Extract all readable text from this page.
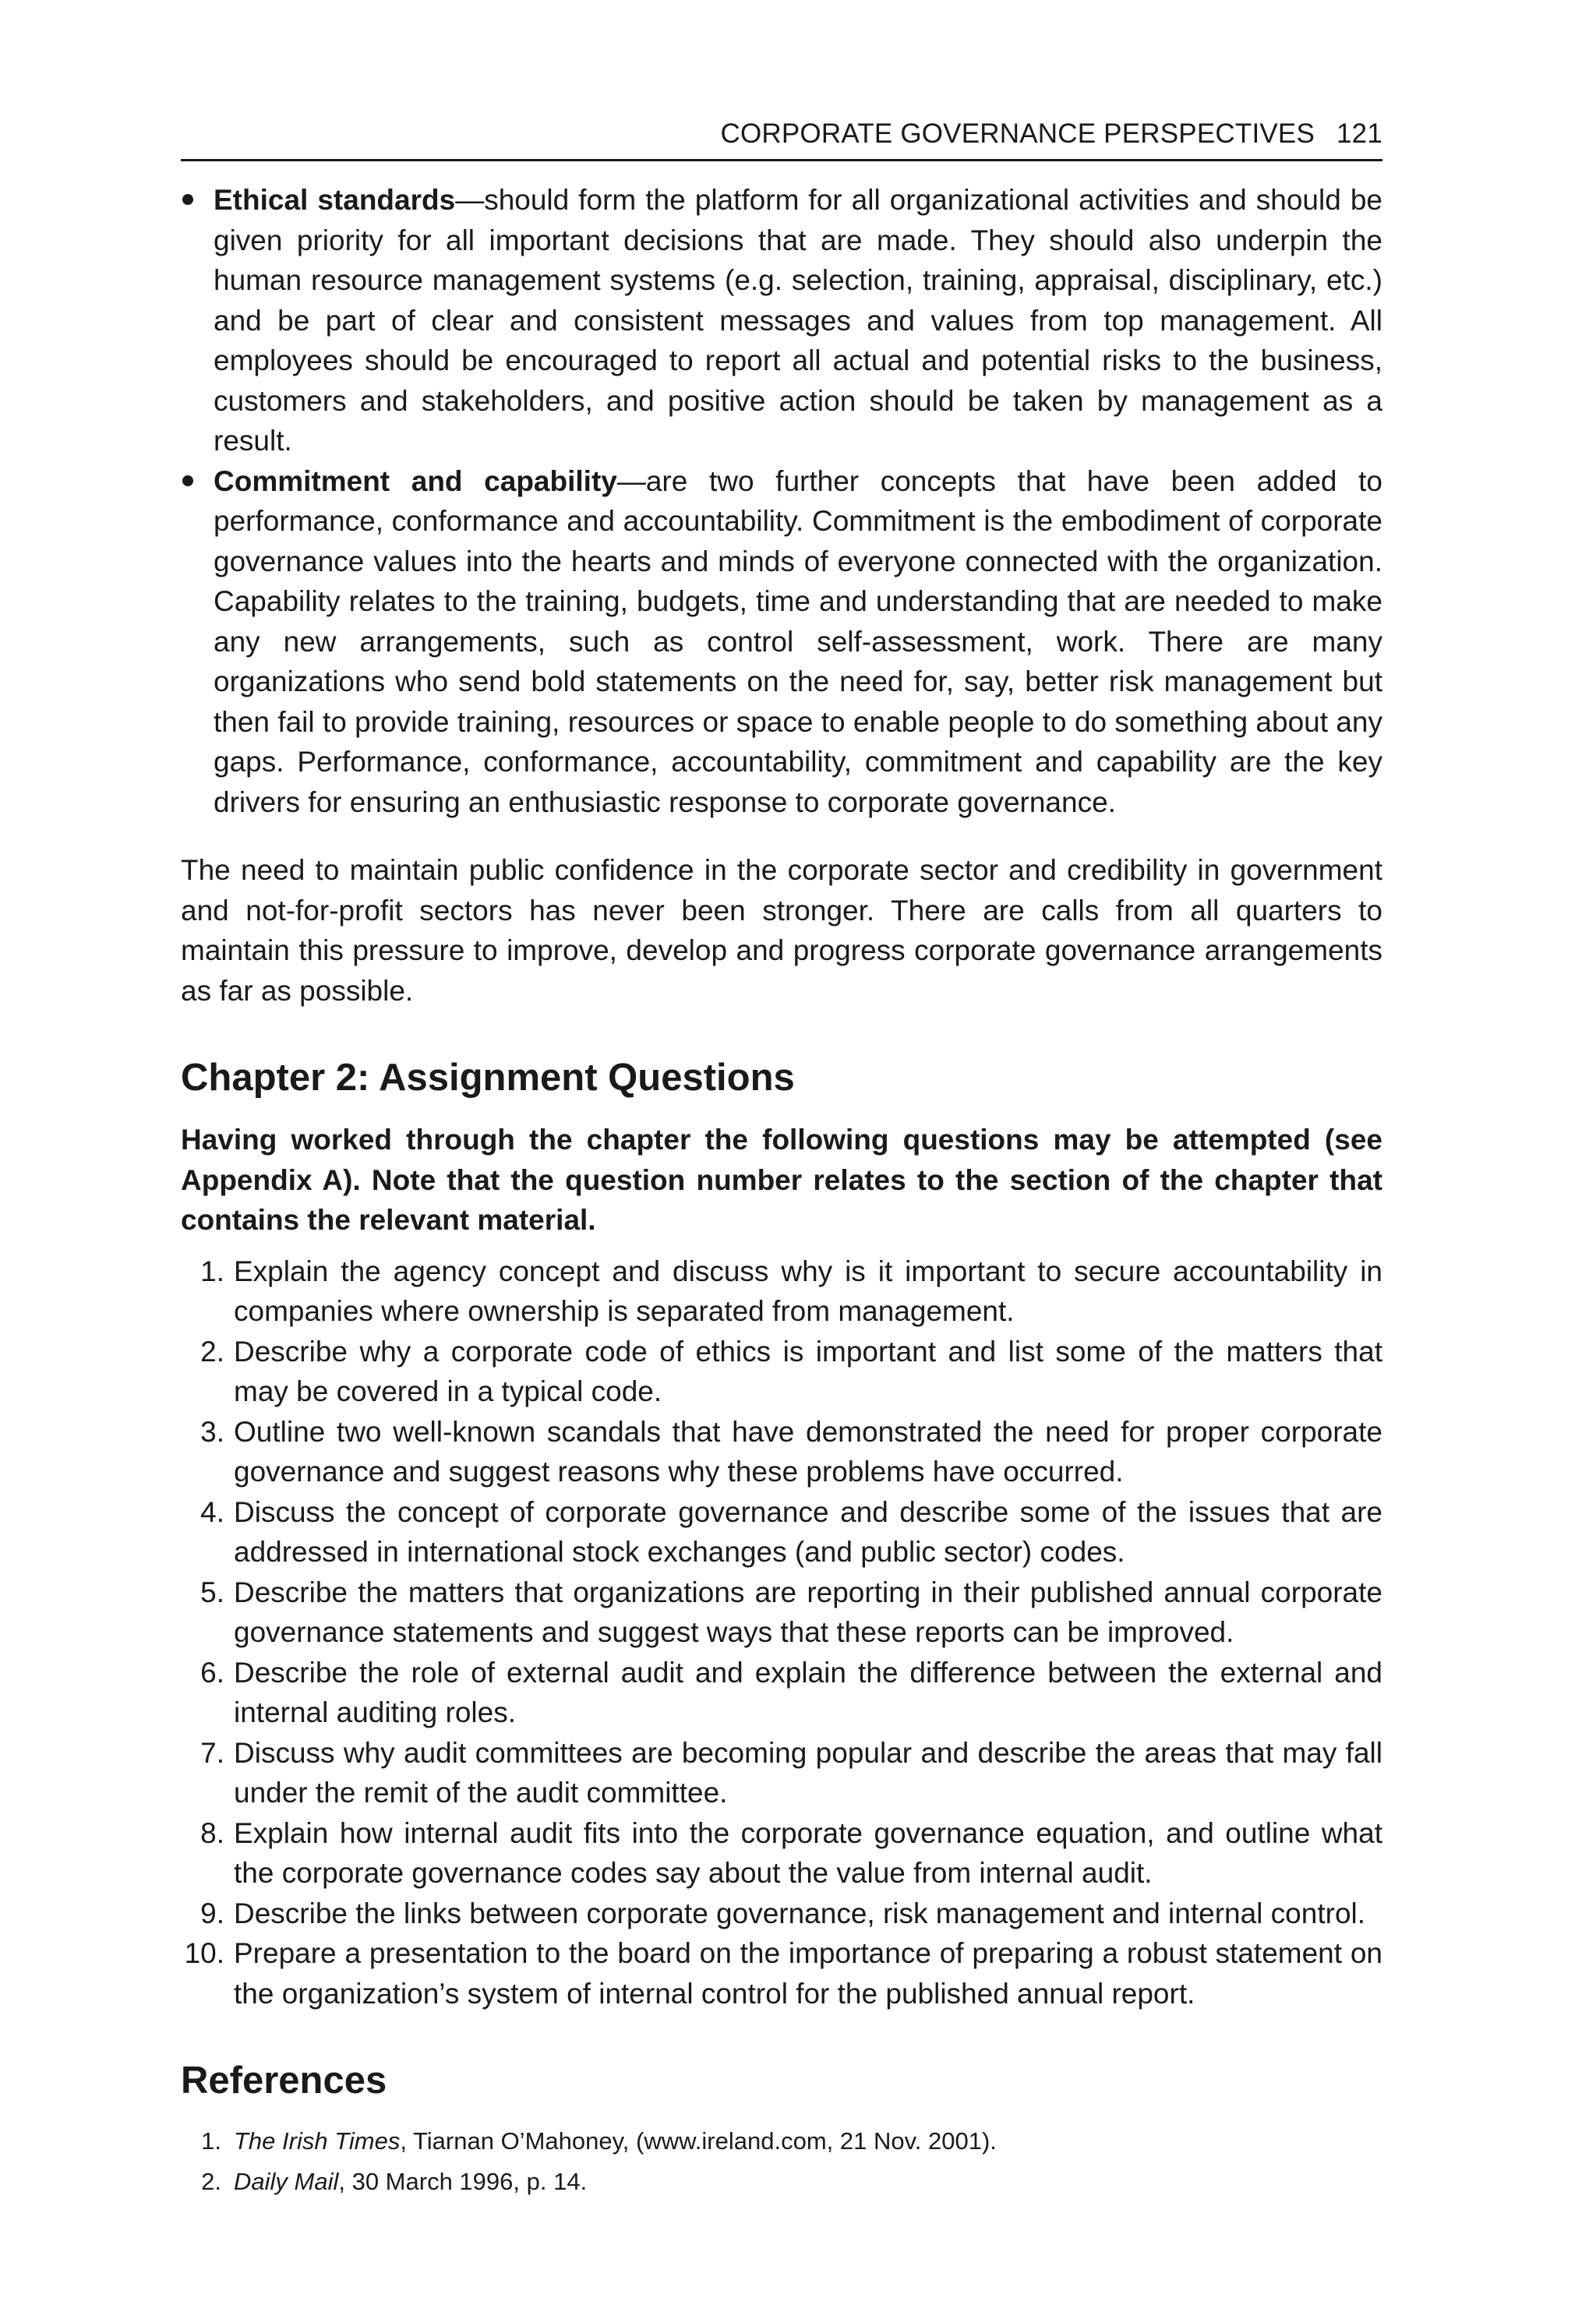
CORPORATE GOVERNANCE PERSPECTIVES 121
Ethical standards—should form the platform for all organizational activities and should be given priority for all important decisions that are made. They should also underpin the human resource management systems (e.g. selection, training, appraisal, disciplinary, etc.) and be part of clear and consistent messages and values from top management. All employees should be encouraged to report all actual and potential risks to the business, customers and stakeholders, and positive action should be taken by management as a result.
Commitment and capability—are two further concepts that have been added to performance, conformance and accountability. Commitment is the embodiment of corporate governance values into the hearts and minds of everyone connected with the organization. Capability relates to the training, budgets, time and understanding that are needed to make any new arrangements, such as control self-assessment, work. There are many organizations who send bold statements on the need for, say, better risk management but then fail to provide training, resources or space to enable people to do something about any gaps. Performance, conformance, accountability, commitment and capability are the key drivers for ensuring an enthusiastic response to corporate governance.

The need to maintain public confidence in the corporate sector and credibility in government and not-for-profit sectors has never been stronger. There are calls from all quarters to maintain this pressure to improve, develop and progress corporate governance arrangements as far as possible.

Chapter 2: Assignment Questions

Having worked through the chapter the following questions may be attempted (see Appendix A). Note that the question number relates to the section of the chapter that contains the relevant material.

1. Explain the agency concept and discuss why is it important to secure accountability in companies where ownership is separated from management.
2. Describe why a corporate code of ethics is important and list some of the matters that may be covered in a typical code.
3. Outline two well-known scandals that have demonstrated the need for proper corporate governance and suggest reasons why these problems have occurred.
4. Discuss the concept of corporate governance and describe some of the issues that are addressed in international stock exchanges (and public sector) codes.
5. Describe the matters that organizations are reporting in their published annual corporate governance statements and suggest ways that these reports can be improved.
6. Describe the role of external audit and explain the difference between the external and internal auditing roles.
7. Discuss why audit committees are becoming popular and describe the areas that may fall under the remit of the audit committee.
8. Explain how internal audit fits into the corporate governance equation, and outline what the corporate governance codes say about the value from internal audit.
9. Describe the links between corporate governance, risk management and internal control.
10. Prepare a presentation to the board on the importance of preparing a robust statement on the organization’s system of internal control for the published annual report.
References
1. The Irish Times, Tiarnan O’Mahoney, (www.ireland.com, 21 Nov. 2001).
2. Daily Mail, 30 March 1996, p. 14.
